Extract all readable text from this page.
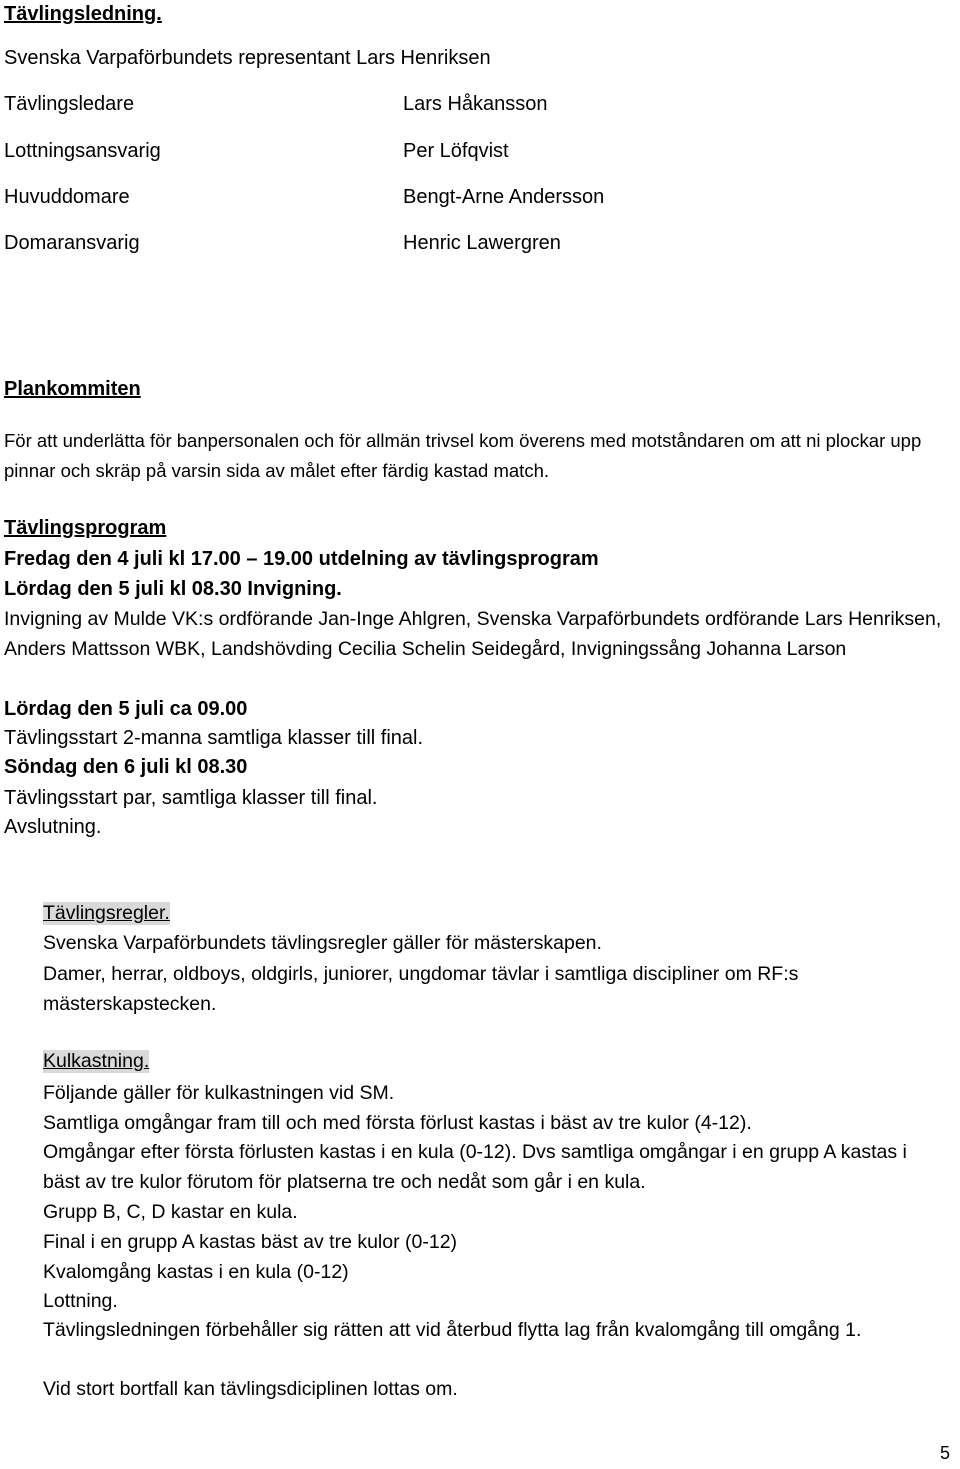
Tävlingsledning.
Svenska Varpaförbundets representant Lars Henriksen
Tävlingsledare	Lars Håkansson
Lottningsansvarig	Per Löfqvist
Huvuddomare	Bengt-Arne Andersson
Domaransvarig	Henric Lawergren
Plankommiten
För att underlätta för banpersonalen och för allmän trivsel kom överens med motståndaren om att ni plockar upp pinnar och skräp på varsin sida av målet efter färdig kastad match.
Tävlingsprogram
Fredag den 4 juli kl 17.00 – 19.00 utdelning av tävlingsprogram
Lördag den 5 juli kl 08.30 Invigning.
Invigning av Mulde VK:s ordförande Jan-Inge Ahlgren, Svenska Varpaförbundets ordförande Lars Henriksen, Anders Mattsson WBK, Landshövding Cecilia Schelin Seidegård, Invigningssång Johanna Larson
Lördag den 5 juli ca 09.00
Tävlingsstart 2-manna samtliga klasser till final.
Söndag den 6 juli kl 08.30
Tävlingsstart par, samtliga klasser till final.
Avslutning.
Tävlingsregler.
Svenska Varpaförbundets tävlingsregler gäller för mästerskapen.
Damer, herrar, oldboys, oldgirls, juniorer, ungdomar tävlar i samtliga discipliner om RF:s mästerskapstecken.
Kulkastning.
Följande gäller för kulkastningen vid SM.
Samtliga omgångar fram till och med första förlust kastas i bäst av tre kulor (4-12).
Omgångar efter första förlusten kastas i en kula (0-12). Dvs samtliga omgångar i en grupp A kastas i bäst av tre kulor förutom för platserna tre och nedåt som går i en kula.
Grupp B, C, D kastar en kula.
Final i en grupp A kastas bäst av tre kulor (0-12)
Kvalomgång kastas i en kula (0-12)
Lottning.
Tävlingsledningen förbehåller sig rätten att vid återbud flytta lag från kvalomgång till omgång 1.
Vid stort bortfall kan tävlingsdiciplinen lottas om.
5
